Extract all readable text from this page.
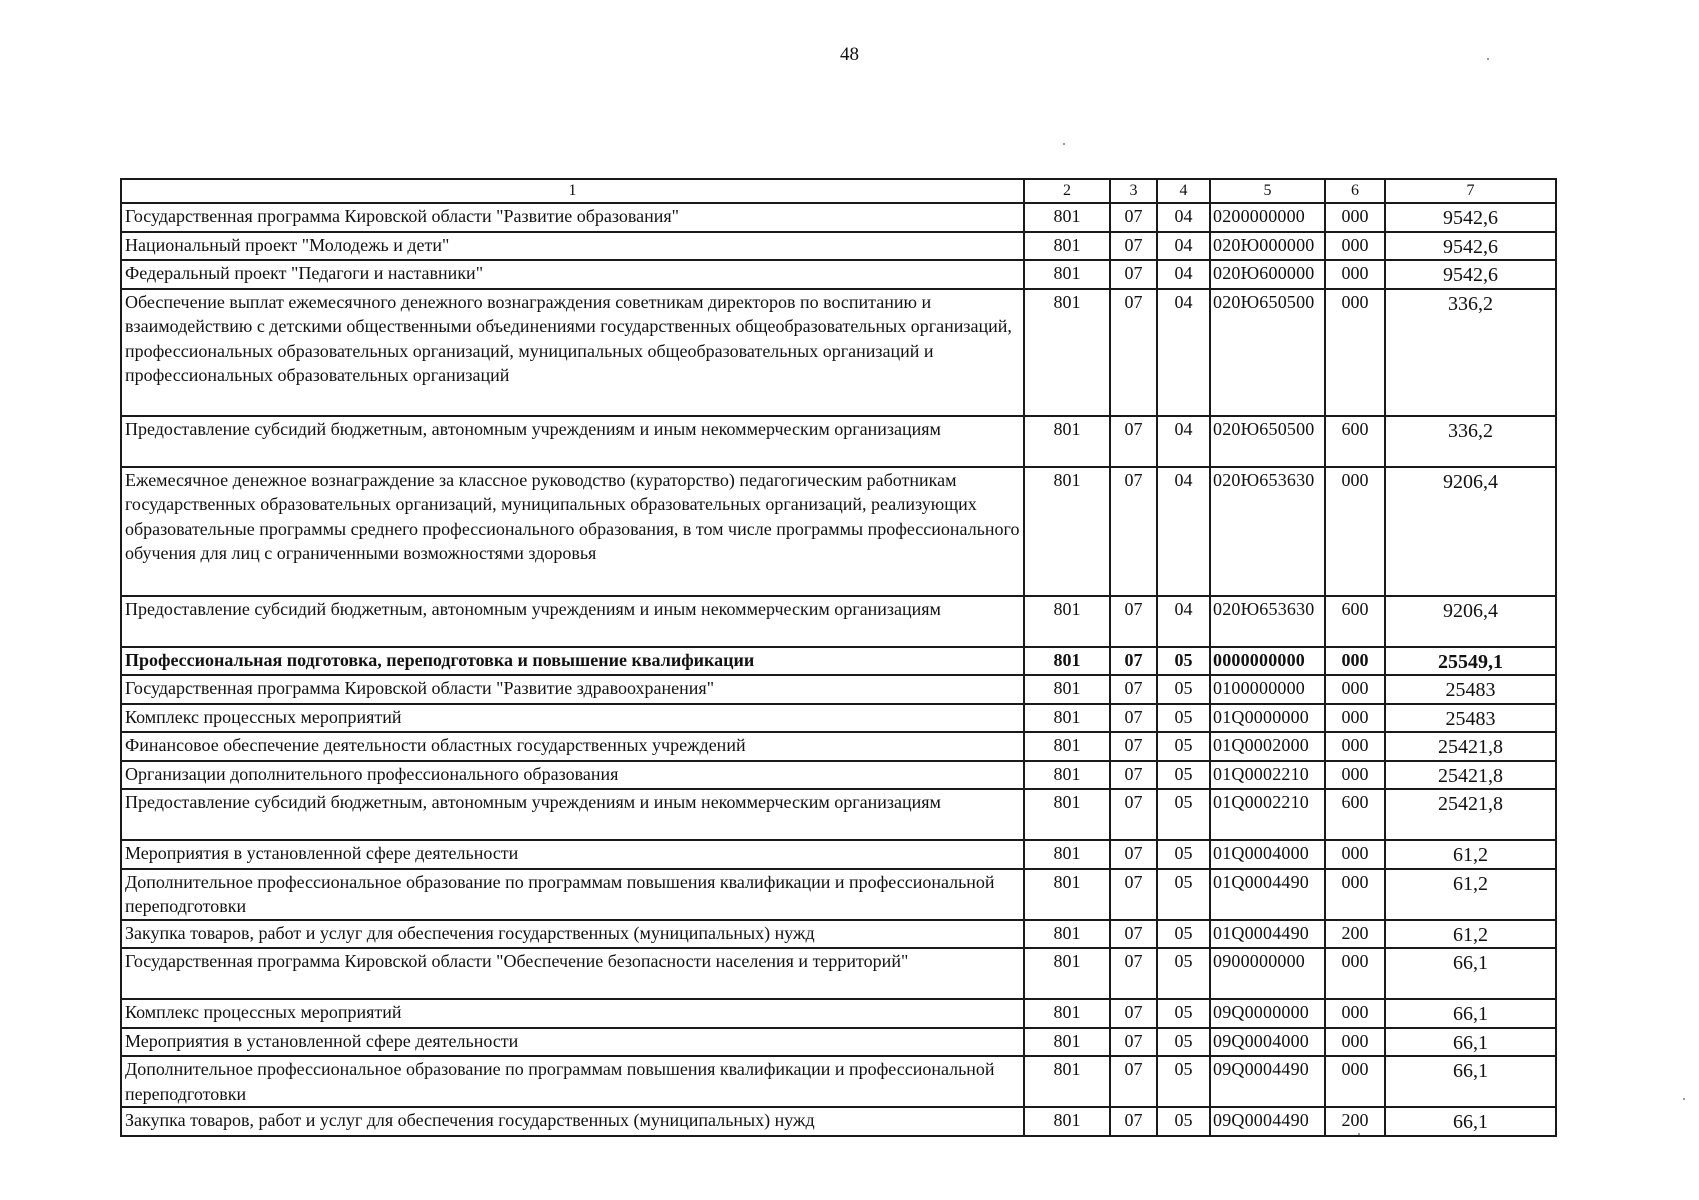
48
1	2	3	4	5	6	7
Государственная программа Кировской области "Развитие образования"	801	07	04	0200000000	000	9542,6
Национальный проект "Молодежь и дети"	801	07	04	020Ю000000	000	9542,6
Федеральный проект "Педагоги и наставники"	801	07	04	020Ю600000	000	9542,6
Обеспечение выплат ежемесячного денежного вознаграждения советникам директоров по воспитанию и взаимодействию с детскими общественными объединениями государственных общеобразовательных организаций, профессиональных образовательных организаций, муниципальных общеобразовательных организаций и профессиональных образовательных организаций	801	07	04	020Ю650500	000	336,2
Предоставление субсидий бюджетным, автономным учреждениям и иным некоммерческим организациям	801	07	04	020Ю650500	600	336,2
Ежемесячное денежное вознаграждение за классное руководство (кураторство) педагогическим работникам государственных образовательных организаций, муниципальных образовательных организаций, реализующих образовательные программы среднего профессионального образования, в том числе программы профессионального обучения для лиц с ограниченными возможностями здоровья	801	07	04	020Ю653630	000	9206,4
Предоставление субсидий бюджетным, автономным учреждениям и иным некоммерческим организациям	801	07	04	020Ю653630	600	9206,4
Профессиональная подготовка, переподготовка и повышение квалификации	801	07	05	0000000000	000	25549,1
Государственная программа Кировской области "Развитие здравоохранения"	801	07	05	0100000000	000	25483
Комплекс процессных мероприятий	801	07	05	01Q0000000	000	25483
Финансовое обеспечение деятельности областных государственных учреждений	801	07	05	01Q0002000	000	25421,8
Организации дополнительного профессионального образования	801	07	05	01Q0002210	000	25421,8
Предоставление субсидий бюджетным, автономным учреждениям и иным некоммерческим организациям	801	07	05	01Q0002210	600	25421,8
Мероприятия в установленной сфере деятельности	801	07	05	01Q0004000	000	61,2
Дополнительное профессиональное образование по программам повышения квалификации и профессиональной переподготовки	801	07	05	01Q0004490	000	61,2
Закупка товаров, работ и услуг для обеспечения государственных (муниципальных) нужд	801	07	05	01Q0004490	200	61,2
Государственная программа Кировской области "Обеспечение безопасности населения и территорий"	801	07	05	0900000000	000	66,1
Комплекс процессных мероприятий	801	07	05	09Q0000000	000	66,1
Мероприятия в установленной сфере деятельности	801	07	05	09Q0004000	000	66,1
Дополнительное профессиональное образование по программам повышения квалификации и профессиональной переподготовки	801	07	05	09Q0004490	000	66,1
Закупка товаров, работ и услуг для обеспечения государственных (муниципальных) нужд	801	07	05	09Q0004490	200	66,1
